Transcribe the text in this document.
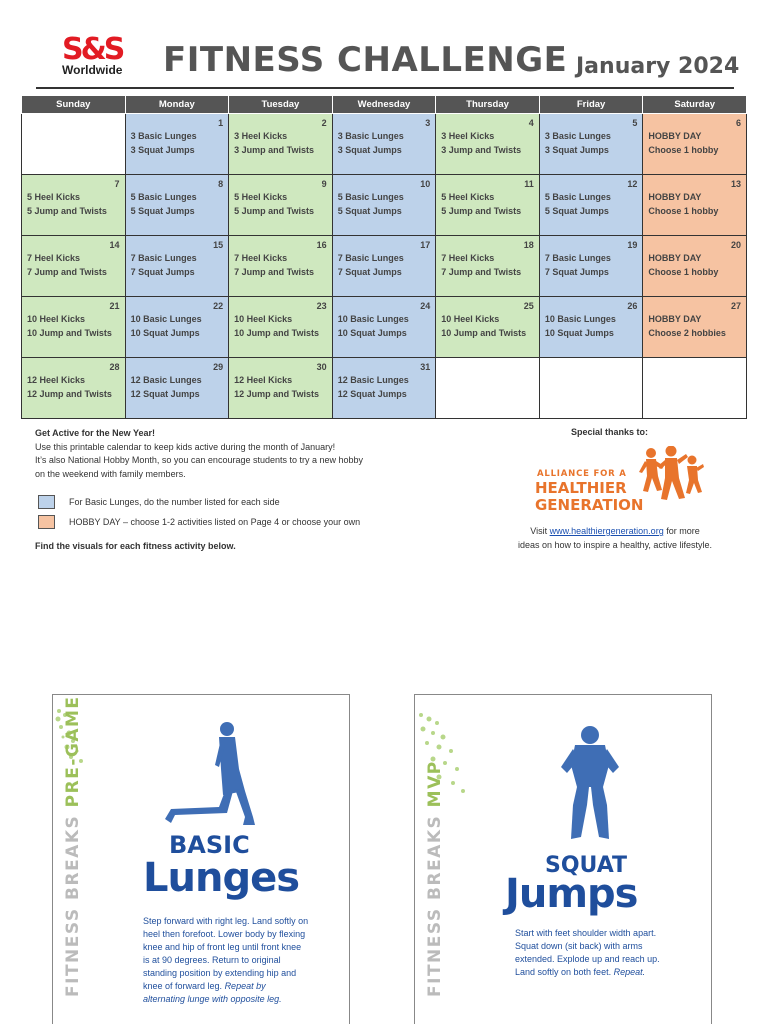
S&S
Worldwide FITNESS CHALLENGE January 2024
Sunday	Monday	Tuesday	Wednesday	Thursday	Friday	Saturday

	1
3 Basic Lunges
3 Squat Jumps	2
3 Heel Kicks
3 Jump and Twists	3
3 Basic Lunges
3 Squat Jumps	4
3 Heel Kicks
3 Jump and Twists	5
3 Basic Lunges
3 Squat Jumps	6
HOBBY DAY
Choose 1 hobby

7
5 Heel Kicks
5 Jump and Twists	8
5 Basic Lunges
5 Squat Jumps	9
5 Heel Kicks
5 Jump and Twists	10
5 Basic Lunges
5 Squat Jumps	11
5 Heel Kicks
5 Jump and Twists	12
5 Basic Lunges
5 Squat Jumps	13
HOBBY DAY
Choose 1 hobby

14
7 Heel Kicks
7 Jump and Twists	15
7 Basic Lunges
7 Squat Jumps	16
7 Heel Kicks
7 Jump and Twists	17
7 Basic Lunges
7 Squat Jumps	18
7 Heel Kicks
7 Jump and Twists	19
7 Basic Lunges
7 Squat Jumps	20
HOBBY DAY
Choose 1 hobby

21
10 Heel Kicks
10 Jump and Twists	22
10 Basic Lunges
10 Squat Jumps	23
10 Heel Kicks
10 Jump and Twists	24
10 Basic Lunges
10 Squat Jumps	25
10 Heel Kicks
10 Jump and Twists	26
10 Basic Lunges
10 Squat Jumps	27
HOBBY DAY
Choose 2 hobbies

28
12 Heel Kicks
12 Jump and Twists	29
12 Basic Lunges
12 Squat Jumps	30
12 Heel Kicks
12 Jump and Twists	31
12 Basic Lunges
12 Squat Jumps			

Get Active for the New Year!
Use this printable calendar to keep kids active during the month of January!
It’s also National Hobby Month, so you can encourage students to try a new hobby
on the weekend with family members.
For Basic Lunges, do the number listed for each side
HOBBY DAY – choose 1-2 activities listed on Page 4 or choose your own
Find the visuals for each fitness activity below.
Special thanks to:
ALLIANCE FOR A
HEALTHIER
GENERATION
Visit www.healthiergeneration.org for more
ideas on how to inspire a healthy, active lifestyle.
FITNESS BREAKS PRE-GAME
BASIC
Lunges
Step forward with right leg. Land softly on heel then forefoot. Lower body by flexing knee and hip of front leg until front knee is at 90 degrees. Return to original standing position by extending hip and knee of forward leg. Repeat by alternating lunge with opposite leg.
FITNESS BREAKS MVP
SQUAT
Jumps
Start with feet shoulder width apart. Squat down (sit back) with arms extended. Explode up and reach up. Land softly on both feet. Repeat.
